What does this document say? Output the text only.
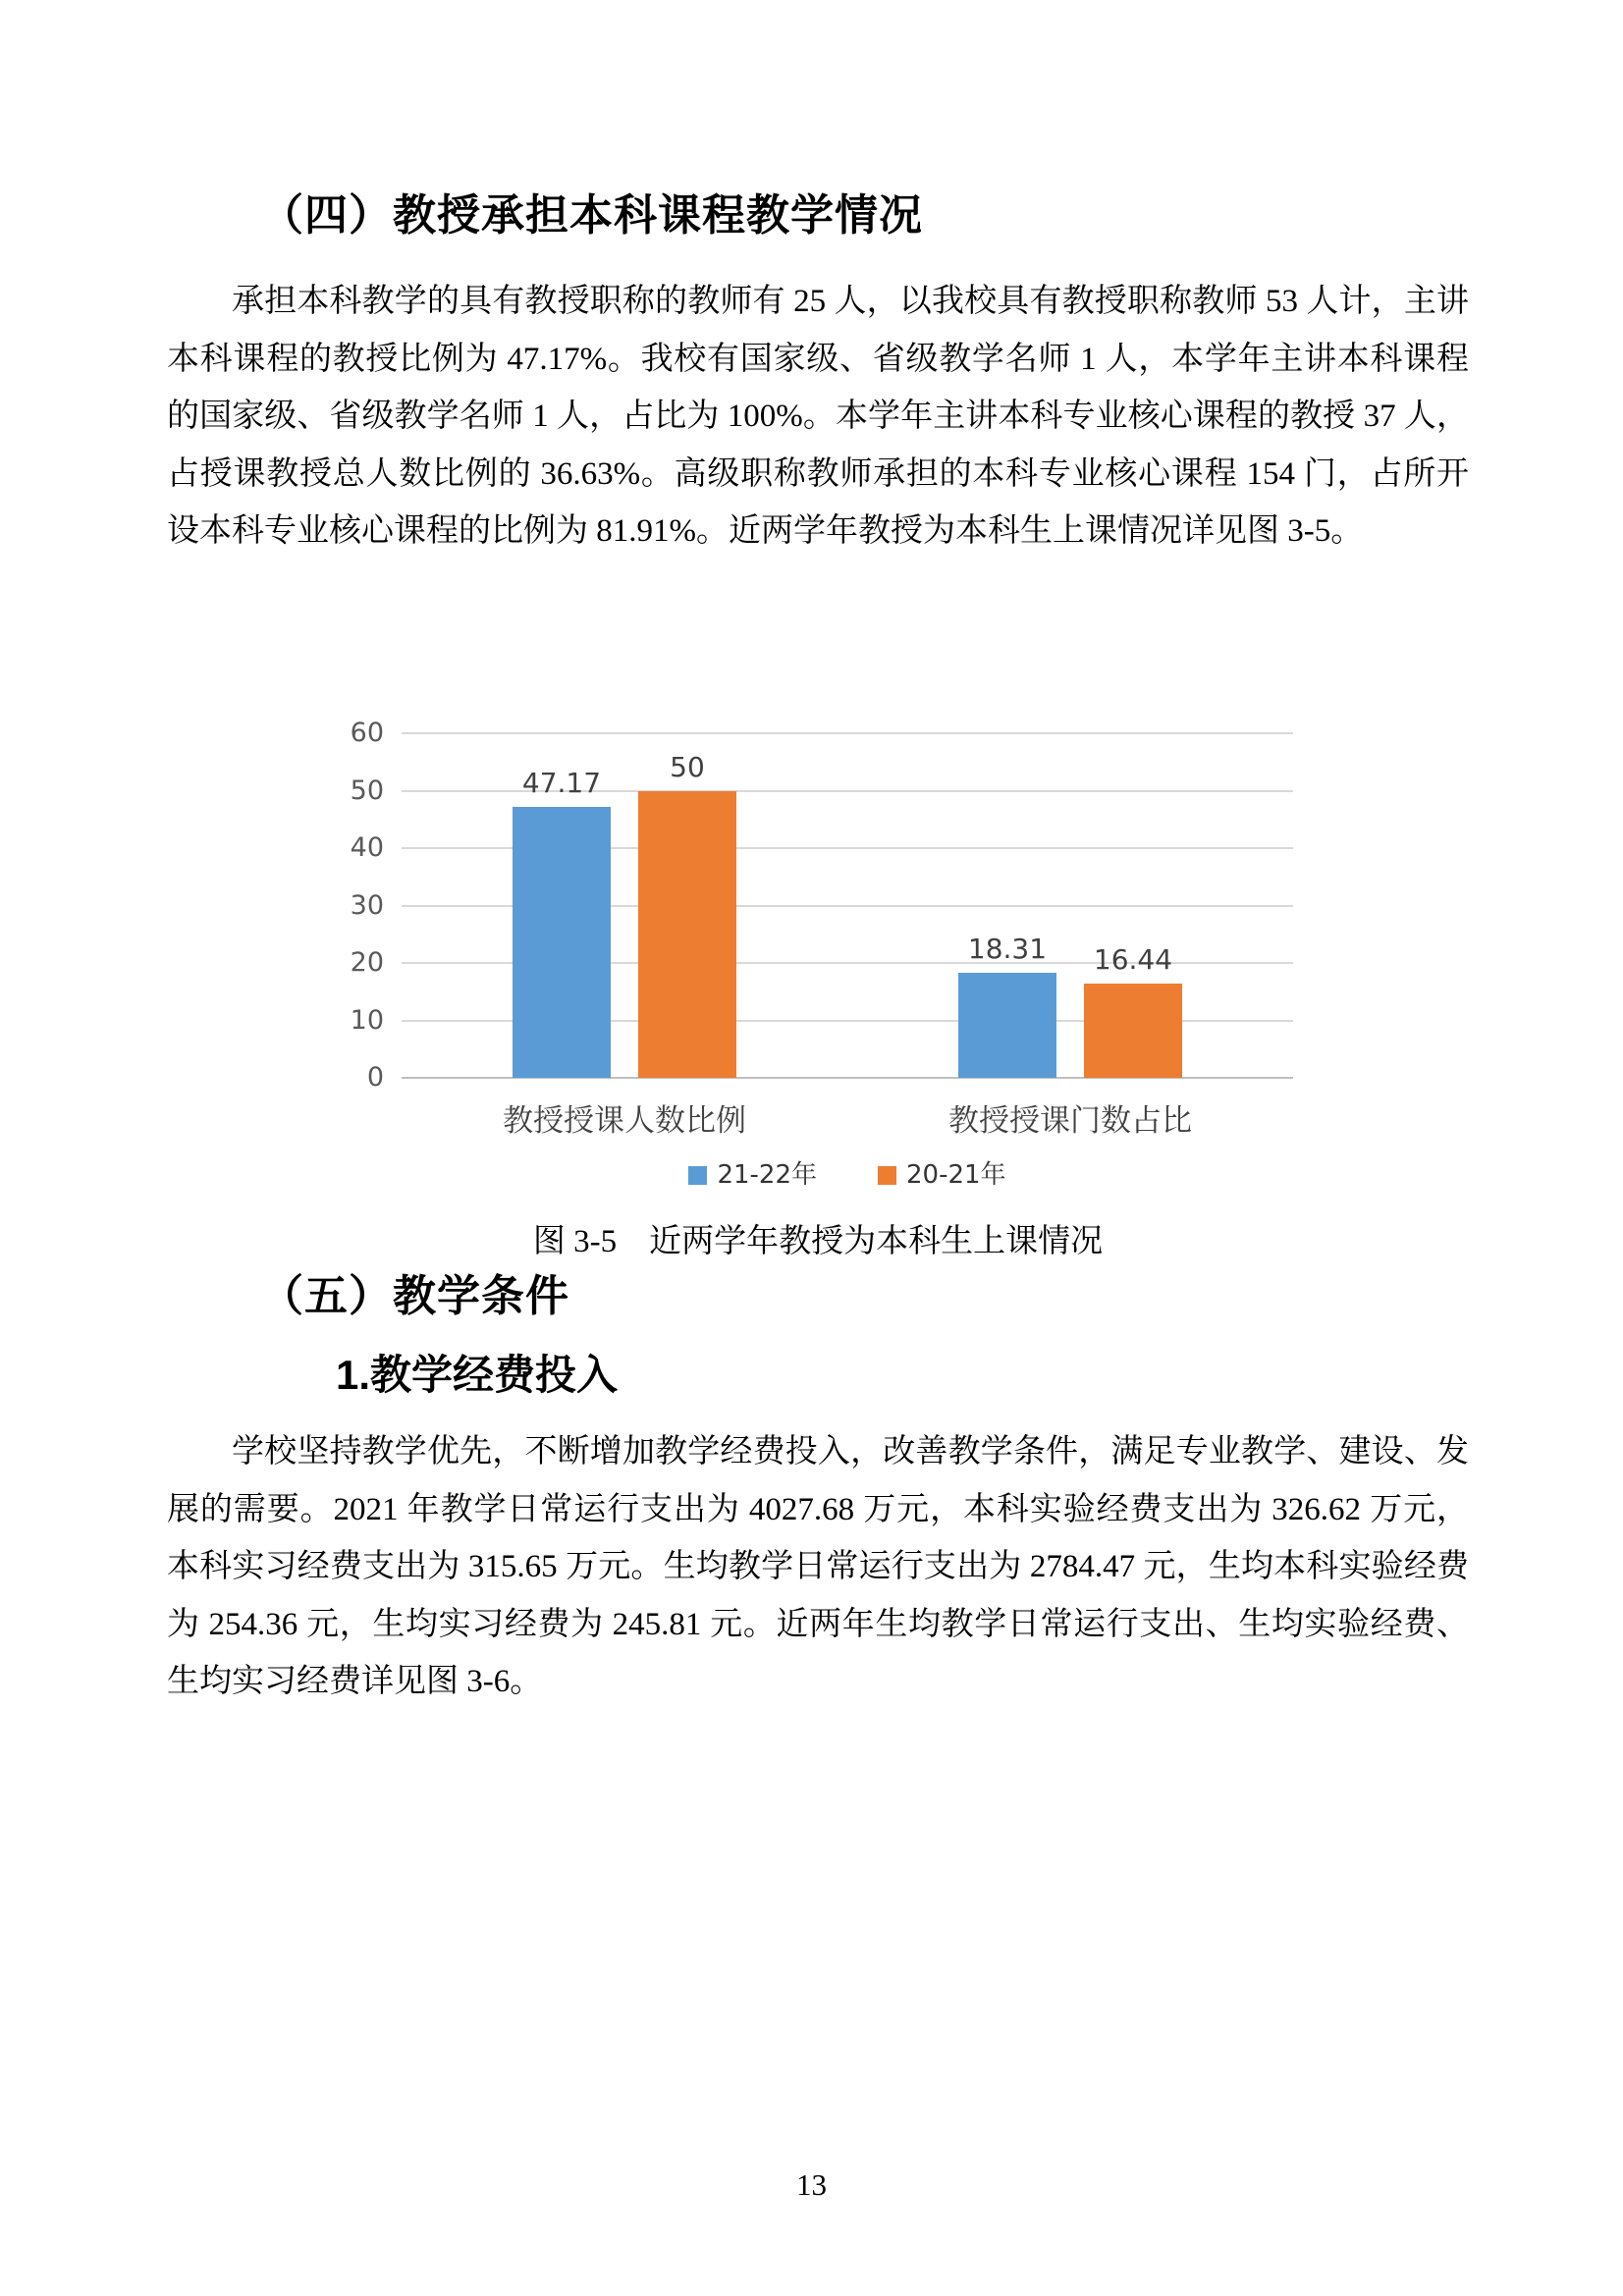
（四）教授承担本科课程教学情况

承担本科教学的具有教授职称的教师有 25 人，以我校具有教授职称教师 53 人计，主讲本科课程的教授比例为 47.17%。我校有国家级、省级教学名师 1 人，本学年主讲本科课程的国家级、省级教学名师 1 人，占比为 100%。本学年主讲本科专业核心课程的教授 37 人，占授课教授总人数比例的 36.63%。高级职称教师承担的本科专业核心课程 154 门，占所开设本科专业核心课程的比例为 81.91%。近两学年教授为本科生上课情况详见图 3-5。

0
10
20
30
40
50
60
47.17
50
教授授课人数比例
18.31	16.44
教授授课门数占比
21-22年	20-21年
图 3-5　近两学年教授为本科生上课情况
（五）教学条件
1.教学经费投入

学校坚持教学优先，不断增加教学经费投入，改善教学条件，满足专业教学、建设、发展的需要。2021 年教学日常运行支出为 4027.68 万元，本科实验经费支出为 326.62 万元，本科实习经费支出为 315.65 万元。生均教学日常运行支出为 2784.47 元，生均本科实验经费为 254.36 元，生均实习经费为 245.81 元。近两年生均教学日常运行支出、生均实验经费、生均实习经费详见图 3-6。

13
